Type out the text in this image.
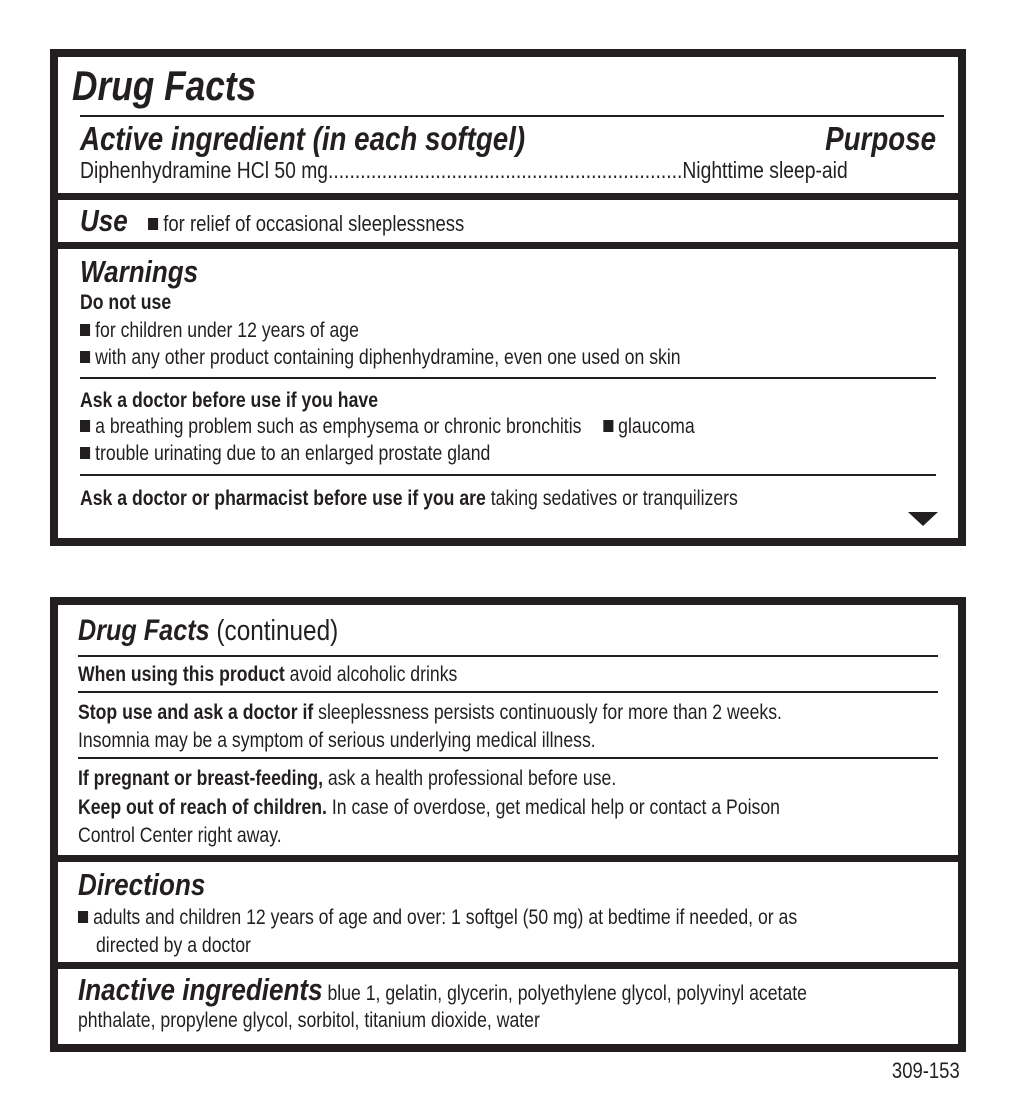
Drug Facts
Active ingredient (in each softgel)	Purpose
Diphenhydramine HCl 50 mg..................................................................Nighttime sleep-aid
Use for relief of occasional sleeplessness
Warnings
Do not use
for children under 12 years of age
with any other product containing diphenhydramine, even one used on skin
Ask a doctor before use if you have
a breathing problem such as emphysema or chronic bronchitis glaucoma
trouble urinating due to an enlarged prostate gland
Ask a doctor or pharmacist before use if you are taking sedatives or tranquilizers
Drug Facts (continued)
When using this product avoid alcoholic drinks
Stop use and ask a doctor if sleeplessness persists continuously for more than 2 weeks.
Insomnia may be a symptom of serious underlying medical illness.
If pregnant or breast-feeding, ask a health professional before use.
Keep out of reach of children. In case of overdose, get medical help or contact a Poison
Control Center right away.
Directions
adults and children 12 years of age and over: 1 softgel (50 mg) at bedtime if needed, or as
directed by a doctor
Inactive ingredients blue 1, gelatin, glycerin, polyethylene glycol, polyvinyl acetate
phthalate, propylene glycol, sorbitol, titanium dioxide, water
309-153
